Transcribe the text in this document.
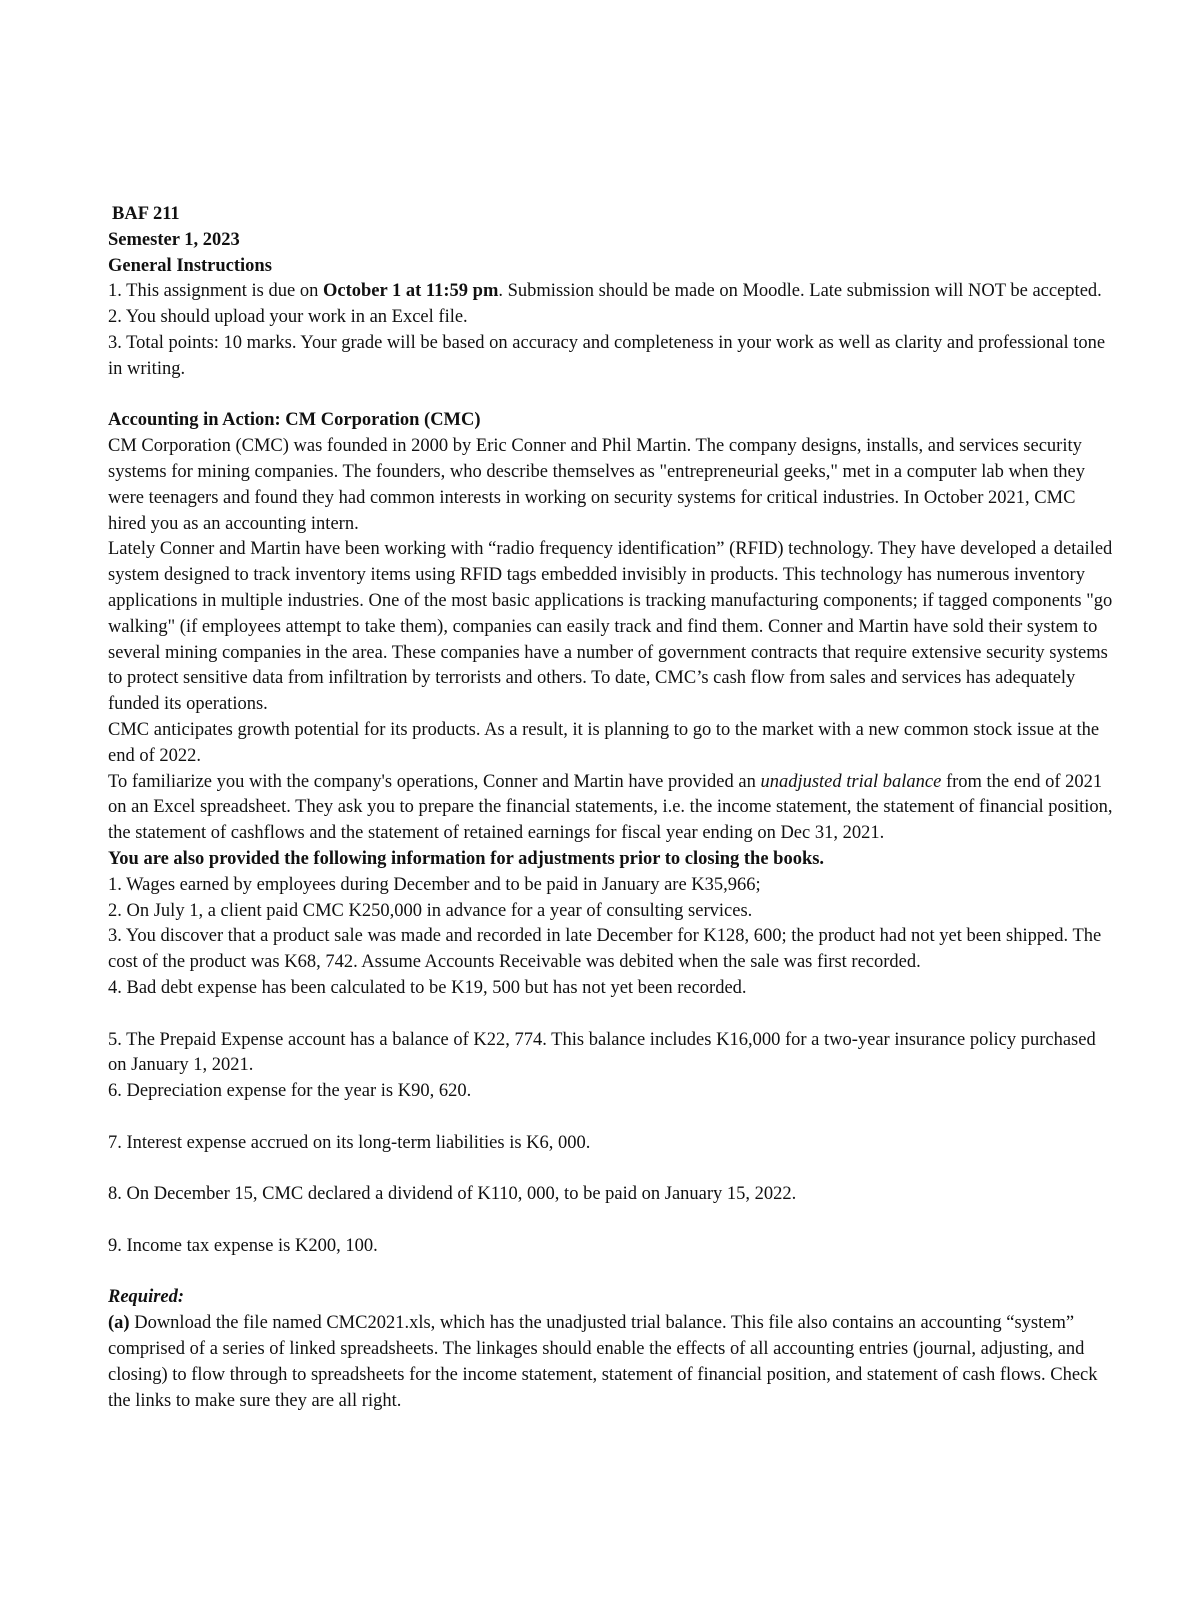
BAF 211

Semester 1, 2023

General Instructions

1. This assignment is due on October 1 at 11:59 pm. Submission should be made on Moodle. Late submission will NOT be accepted.

2. You should upload your work in an Excel file.

3. Total points: 10 marks. Your grade will be based on accuracy and completeness in your work as well as clarity and professional tone in writing.

Accounting in Action: CM Corporation (CMC)

CM Corporation (CMC) was founded in 2000 by Eric Conner and Phil Martin. The company designs, installs, and services security systems for mining companies. The founders, who describe themselves as "entrepreneurial geeks," met in a computer lab when they were teenagers and found they had common interests in working on security systems for critical industries. In October 2021, CMC hired you as an accounting intern.

Lately Conner and Martin have been working with “radio frequency identification” (RFID) technology. They have developed a detailed system designed to track inventory items using RFID tags embedded invisibly in products. This technology has numerous inventory applications in multiple industries. One of the most basic applications is tracking manufacturing components; if tagged components "go walking" (if employees attempt to take them), companies can easily track and find them. Conner and Martin have sold their system to several mining companies in the area. These companies have a number of government contracts that require extensive security systems to protect sensitive data from infiltration by terrorists and others. To date, CMC’s cash flow from sales and services has adequately funded its operations.

CMC anticipates growth potential for its products. As a result, it is planning to go to the market with a new common stock issue at the end of 2022.

To familiarize you with the company's operations, Conner and Martin have provided an unadjusted trial balance from the end of 2021 on an Excel spreadsheet. They ask you to prepare the financial statements, i.e. the income statement, the statement of financial position, the statement of cashflows and the statement of retained earnings for fiscal year ending on Dec 31, 2021.

You are also provided the following information for adjustments prior to closing the books.

1. Wages earned by employees during December and to be paid in January are K35,966;

2. On July 1, a client paid CMC K250,000 in advance for a year of consulting services.

3. You discover that a product sale was made and recorded in late December for K128, 600; the product had not yet been shipped. The cost of the product was K68, 742. Assume Accounts Receivable was debited when the sale was first recorded.

4. Bad debt expense has been calculated to be K19, 500 but has not yet been recorded.

5. The Prepaid Expense account has a balance of K22, 774. This balance includes K16,000 for a two-year insurance policy purchased on January 1, 2021.

6. Depreciation expense for the year is K90, 620.

7. Interest expense accrued on its long-term liabilities is K6, 000.

8. On December 15, CMC declared a dividend of K110, 000, to be paid on January 15, 2022.

9. Income tax expense is K200, 100.

Required:

(a) Download the file named CMC2021.xls, which has the unadjusted trial balance. This file also contains an accounting “system” comprised of a series of linked spreadsheets. The linkages should enable the effects of all accounting entries (journal, adjusting, and closing) to flow through to spreadsheets for the income statement, statement of financial position, and statement of cash flows. Check the links to make sure they are all right.
